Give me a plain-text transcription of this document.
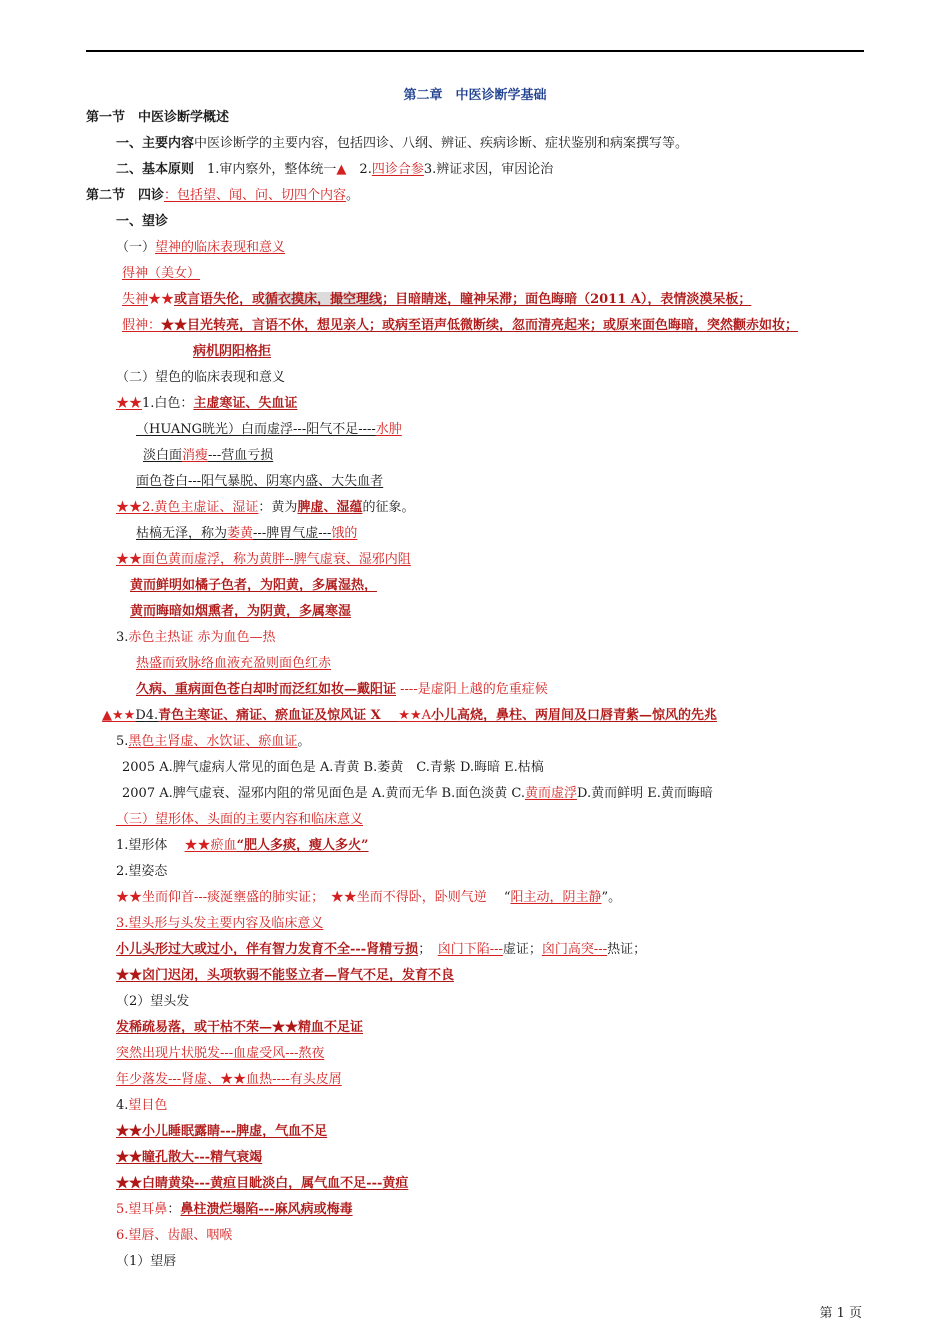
第二章　中医诊断学基础
第一节　中医诊断学概述
一、主要内容中医诊断学的主要内容，包括四诊、八纲、辨证、疾病诊断、症状鉴别和病案撰写等。
二、基本原则　1.审内察外，整体统一▲　2.四诊合参3.辨证求因，审因论治
第二节　四诊：包括望、闻、问、切四个内容。
一、望诊
（一）望神的临床表现和意义
得神（美女）
失神★★或言语失伦，或循衣摸床，撮空理线；目暗睛迷，瞳神呆滞；面色晦暗（2011 A），表情淡漠呆板；
假神：★★目光转亮，言语不休，想见亲人；或病至语声低微断续，忽而清亮起来；或原来面色晦暗，突然颧赤如妆；
病机阴阳格拒
（二）望色的临床表现和意义
★★1.白色：主虚寒证、失血证
（HUANG晄光）白而虚浮---阳气不足----水肿
淡白面消瘦---营血亏损
面色苍白---阳气暴脱、阴寒内盛、大失血者
★★2.黄色主虚证、湿证：黄为脾虚、湿蕴的征象。
枯槁无泽，称为萎黄---脾胃气虚---饿的
★★面色黄而虚浮，称为黄胖--脾气虚衰、湿邪内阻
黄而鲜明如橘子色者，为阳黄，多属湿热，
黄而晦暗如烟熏者，为阴黄，多属寒湿
3.赤色主热证 赤为血色—热
热盛而致脉络血液充盈则面色红赤
久病、重病面色苍白却时而泛红如妆—戴阳证 ----是虚阳上越的危重症候
▲★★D4.青色主寒证、痛证、瘀血证及惊风证 X　 ★★A小儿高烧，鼻柱、两眉间及口唇青紫—惊风的先兆
5.黑色主肾虚、水饮证、瘀血证。
2005 A.脾气虚病人常见的面色是 A.青黄 B.萎黄　C.青紫 D.晦暗 E.枯槁
2007 A.脾气虚衰、湿邪内阻的常见面色是 A.黄而无华 B.面色淡黄 C.黄而虚浮D.黄而鲜明 E.黄而晦暗
（三）望形体、头面的主要内容和临床意义
1.望形体　 ★★瘀血“肥人多痰，瘦人多火”
2.望姿态
★★坐而仰首---痰涎壅盛的肺实证；　 ★★坐而不得卧，卧则气逆　 “阳主动，阴主静”。
3.望头形与头发主要内容及临床意义
小儿头形过大或过小，伴有智力发育不全---肾精亏损；　囟门下陷---虚证；囟门高突---热证；
★★囟门迟闭，头项软弱不能竖立者—肾气不足，发育不良
（2）望头发
发稀疏易落，或干枯不荣—★★精血不足证
突然出现片状脱发---血虚受风---熬夜
年少落发---肾虚、★★血热----有头皮屑
4.望目色
★★小儿睡眠露睛---脾虚，气血不足
★★瞳孔散大---精气衰竭
★★白睛黄染---黄疸目眦淡白，属气血不足---黄疸
5.望耳鼻：鼻柱溃烂塌陷---麻风病或梅毒
6.望唇、齿龈、咽喉
（1）望唇
第 1 页
